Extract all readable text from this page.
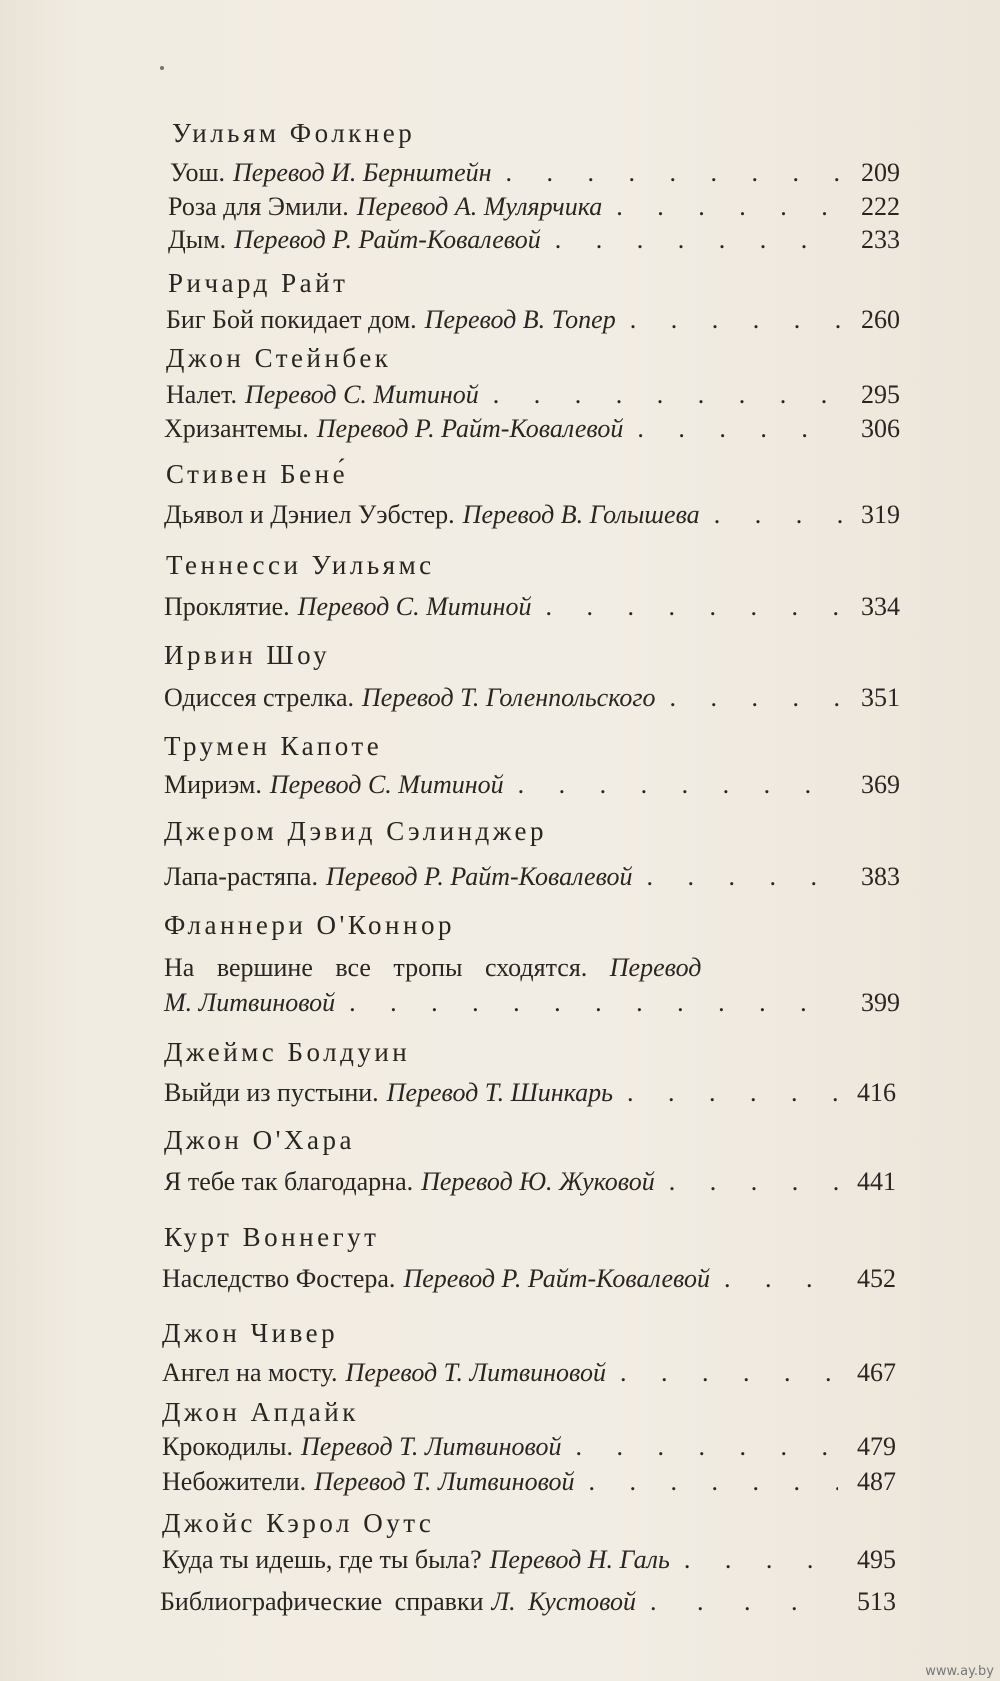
Уильям Фолкнер
Уош. Перевод И. Бернштейн . . .	209
Роза для Эмили. Перевод А. Мулярчика . . .	222
Дым. Перевод Р. Райт-Ковалевой . . .	233
Ричард Райт
Биг Бой покидает дом. Перевод В. Топер . . .	260
Джон Стейнбек
Налет. Перевод С. Митиной . . .	295
Хризантемы. Перевод Р. Райт-Ковалевой . . .	306
Стивен Бене́
Дьявол и Дэниел Уэбстер. Перевод В. Голышева . . .	319
Теннесси Уильямс
Проклятие. Перевод С. Митиной . . .	334
Ирвин Шоу
Одиссея стрелка. Перевод Т. Голенпольского . . .	351
Трумен Капоте
Мириэм. Перевод С. Митиной . . .	369
Джером Дэвид Сэлинджер
Лапа-растяпа. Перевод Р. Райт-Ковалевой . . .	383
Фланнери О'Коннор
На вершине все тропы сходятся. Перевод
М. Литвиновой . . .	399
Джеймс Болдуин
Выйди из пустыни. Перевод Т. Шинкарь . . .	416
Джон О'Хара
Я тебе так благодарна. Перевод Ю. Жуковой . . .	441
Курт Воннегут
Наследство Фостера. Перевод Р. Райт-Ковалевой . . .	452
Джон Чивер
Ангел на мосту. Перевод Т. Литвиновой . . .	467
Джон Апдайк
Крокодилы. Перевод Т. Литвиновой . . .	479
Небожители. Перевод Т. Литвиновой . . .	487
Джойс Кэрол Оутс
Куда ты идешь, где ты была? Перевод Н. Галь . . .	495
Библиографические справки Л. Кустовой . . .	513
www.ay.by
